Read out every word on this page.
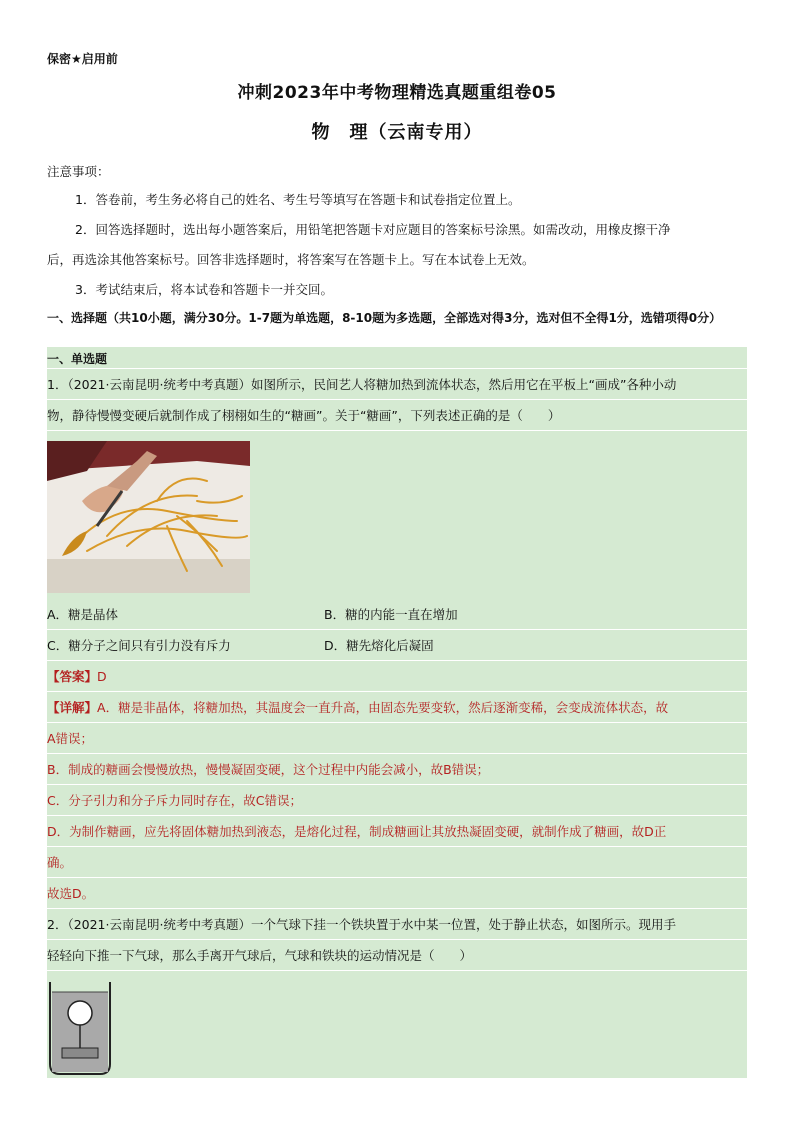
保密★启用前
冲刺2023年中考物理精选真题重组卷05
物　理（云南专用）
注意事项：

1．答卷前，考生务必将自己的姓名、考生号等填写在答题卡和试卷指定位置上。

2．回答选择题时，选出每小题答案后，用铅笔把答题卡对应题目的答案标号涂黑。如需改动，用橡皮擦干净

后，再选涂其他答案标号。回答非选择题时，将答案写在答题卡上。写在本试卷上无效。

3．考试结束后，将本试卷和答题卡一并交回。

一、选择题（共10小题，满分30分。1-7题为单选题，8-10题为多选题，全部选对得3分，选对但不全得1分，选错项得0分）
一、单选题
1．（2021·云南昆明·统考中考真题）如图所示，民间艺人将糖加热到流体状态，然后用它在平板上“画成”各种小动
物，静待慢慢变硬后就制作成了栩栩如生的“糖画”。关于“糖画”，下列表述正确的是（　　）
A．糖是晶体	B．糖的内能一直在增加
C．糖分子之间只有引力没有斥力	D．糖先熔化后凝固
【答案】D
【详解】A．糖是非晶体，将糖加热，其温度会一直升高，由固态先要变软，然后逐渐变稀，会变成流体状态，故
A错误；
B．制成的糖画会慢慢放热，慢慢凝固变硬，这个过程中内能会减小，故B错误；
C．分子引力和分子斥力同时存在，故C错误；
D．为制作糖画，应先将固体糖加热到液态，是熔化过程，制成糖画让其放热凝固变硬，就制作成了糖画，故D正
确。
故选D。
2．（2021·云南昆明·统考中考真题）一个气球下挂一个铁块置于水中某一位置，处于静止状态，如图所示。现用手
轻轻向下推一下气球，那么手离开气球后，气球和铁块的运动情况是（　　）
